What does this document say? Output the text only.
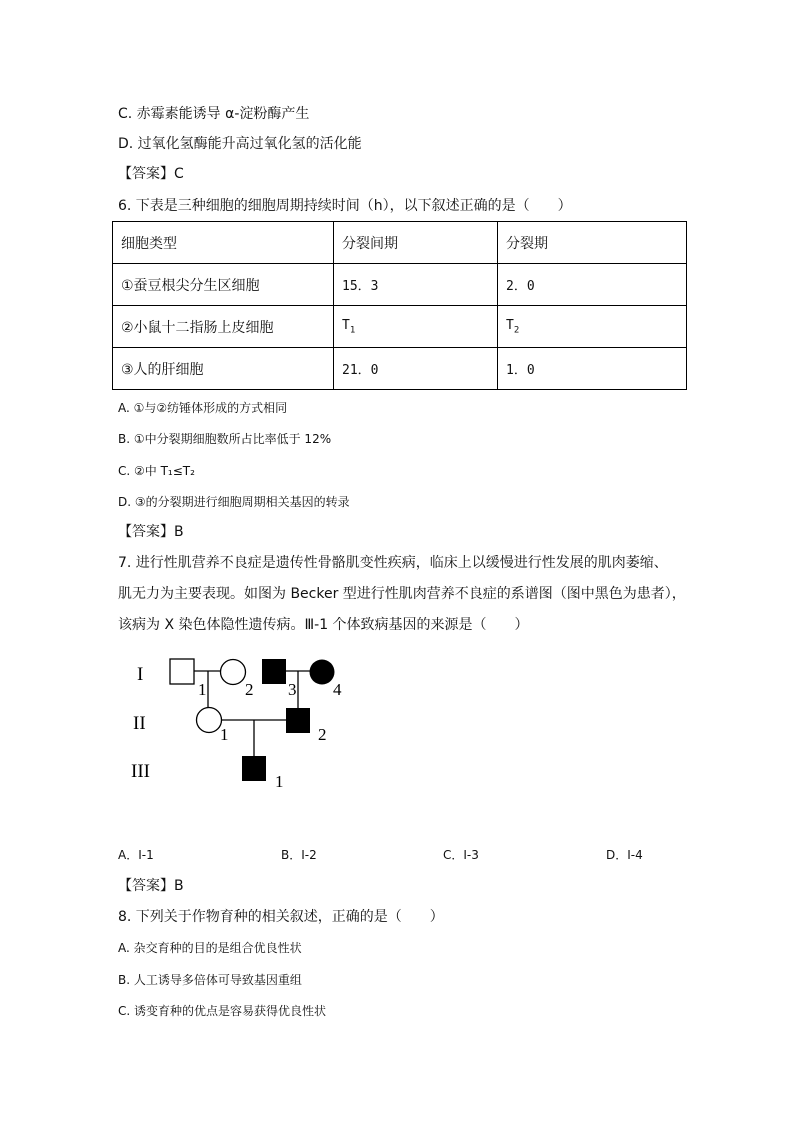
C. 赤霉素能诱导 α-淀粉酶产生
D. 过氧化氢酶能升高过氧化氢的活化能
【答案】C
6. 下表是三种细胞的细胞周期持续时间（h），以下叙述正确的是（　　）
细胞类型	分裂间期	分裂期
①蚕豆根尖分生区细胞	15．3	2．0
②小鼠十二指肠上皮细胞	$T_1$	$T_2$
③人的肝细胞	21．0	1．0
A. ①与②纺锤体形成的方式相同
B. ①中分裂期细胞数所占比率低于 12%
C. ②中 T₁≤T₂
D. ③的分裂期进行细胞周期相关基因的转录
【答案】B
7. 进行性肌营养不良症是遗传性骨骼肌变性疾病，临床上以缓慢进行性发展的肌肉萎缩、
肌无力为主要表现。如图为 Becker 型进行性肌肉营养不良症的系谱图（图中黑色为患者），
该病为 X 染色体隐性遗传病。Ⅲ-1 个体致病基因的来源是（　　）
I
II
III
1 2 3 4
1	2
1
A．Ⅰ-1	B．Ⅰ-2	C．Ⅰ-3	D．Ⅰ-4
【答案】B
8. 下列关于作物育种的相关叙述，正确的是（　　）
A. 杂交育种的目的是组合优良性状
B. 人工诱导多倍体可导致基因重组
C. 诱变育种的优点是容易获得优良性状
